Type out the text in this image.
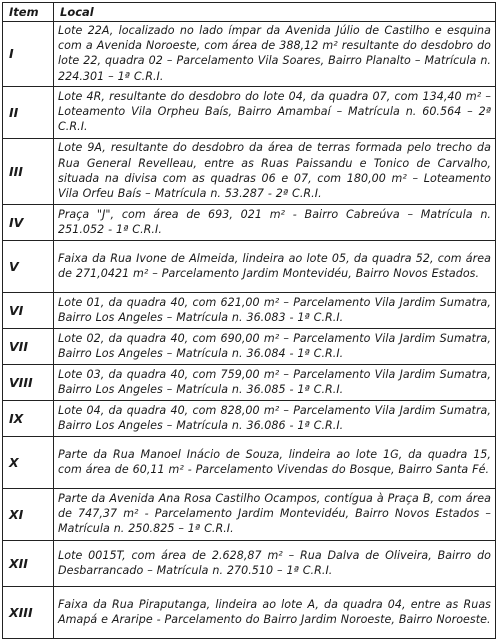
Item	Local
I	Lote 22A, localizado no lado ímpar da Avenida Júlio de Castilho e esquina com a Avenida Noroeste, com área de 388,12 m² resultante do desdobro do lote 22, quadra 02 – Parcelamento Vila Soares, Bairro Planalto – Matrícula n. 224.301 – 1ª C.R.I.
II	Lote 4R, resultante do desdobro do lote 04, da quadra 07, com 134,40 m² – Loteamento Vila Orpheu Baís, Bairro Amambaí – Matrícula n. 60.564 – 2ª C.R.I.
III	Lote 9A, resultante do desdobro da área de terras formada pelo trecho da Rua General Revelleau, entre as Ruas Paissandu e Tonico de Carvalho, situada na divisa com as quadras 06 e 07, com 180,00 m² – Loteamento Vila Orfeu Baís – Matrícula n. 53.287 - 2ª C.R.I.
IV	Praça "J", com área de 693, 021 m² - Bairro Cabreúva – Matrícula n. 251.052 - 1ª C.R.I.
V	Faixa da Rua Ivone de Almeida, lindeira ao lote 05, da quadra 52, com área de 271,0421 m² – Parcelamento Jardim Montevidéu, Bairro Novos Estados.
VI	Lote 01, da quadra 40, com 621,00 m² – Parcelamento Vila Jardim Sumatra, Bairro Los Angeles – Matrícula n. 36.083 - 1ª C.R.I.
VII	Lote 02, da quadra 40, com 690,00 m² – Parcelamento Vila Jardim Sumatra, Bairro Los Angeles – Matrícula n. 36.084 - 1ª C.R.I.
VIII	Lote 03, da quadra 40, com 759,00 m² – Parcelamento Vila Jardim Sumatra, Bairro Los Angeles – Matrícula n. 36.085 - 1ª C.R.I.
IX	Lote 04, da quadra 40, com 828,00 m² – Parcelamento Vila Jardim Sumatra, Bairro Los Angeles – Matrícula n. 36.086 - 1ª C.R.I.
X	Parte da Rua Manoel Inácio de Souza, lindeira ao lote 1G, da quadra 15, com área de 60,11 m² - Parcelamento Vivendas do Bosque, Bairro Santa Fé.
XI	Parte da Avenida Ana Rosa Castilho Ocampos, contígua à Praça B, com área de 747,37 m² - Parcelamento Jardim Montevidéu, Bairro Novos Estados – Matrícula n. 250.825 – 1ª C.R.I.
XII	Lote 0015T, com área de 2.628,87 m² – Rua Dalva de Oliveira, Bairro do Desbarrancado – Matrícula n. 270.510 – 1ª C.R.I.
XIII	Faixa da Rua Piraputanga, lindeira ao lote A, da quadra 04, entre as Ruas Amapá e Araripe - Parcelamento do Bairro Jardim Noroeste, Bairro Noroeste.
